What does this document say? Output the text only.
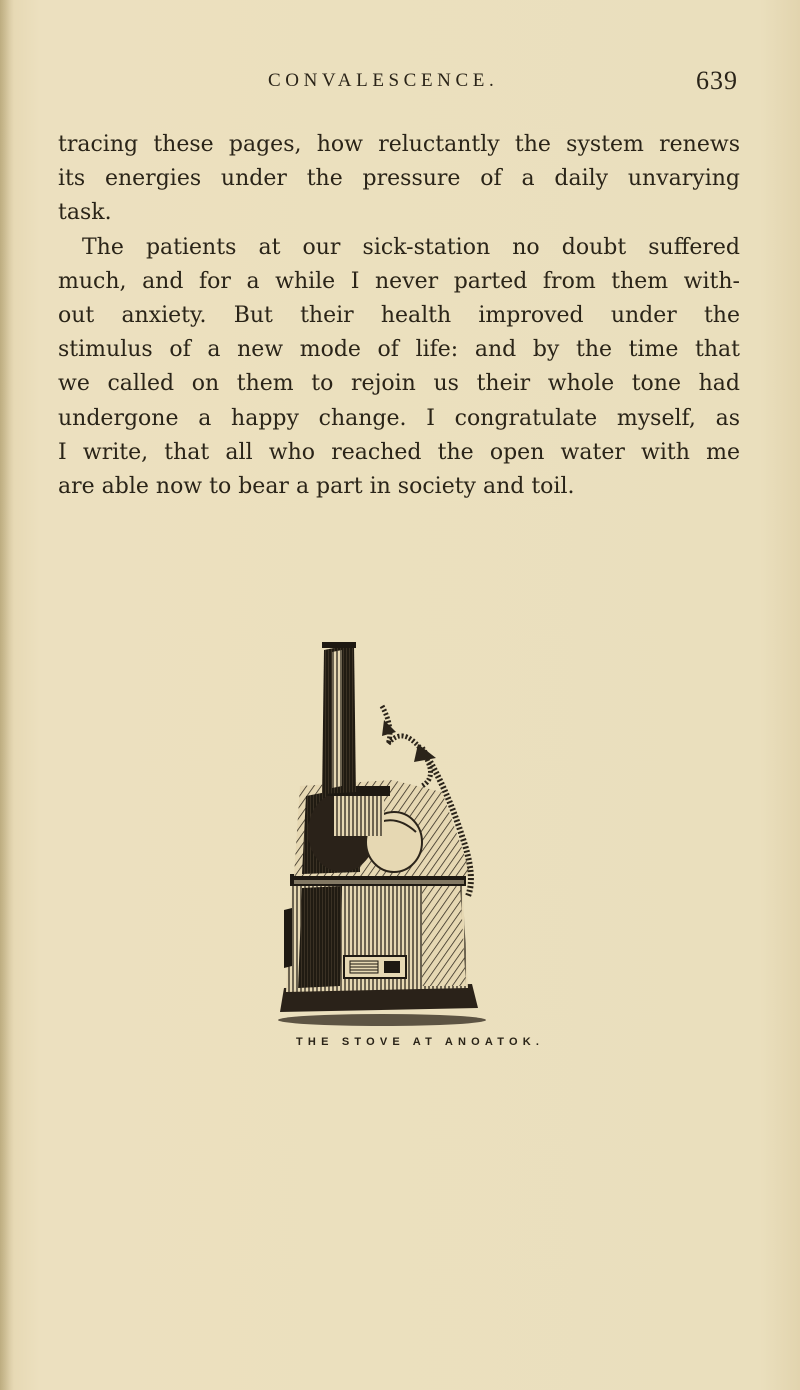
CONVALESCENCE.	639

tracing these pages, how reluctantly the system renews
its energies under the pressure of a daily unvarying
task.

The patients at our sick-station no doubt suffered
much, and for a while I never parted from them with-
out anxiety. But their health improved under the
stimulus of a new mode of life: and by the time that
we called on them to rejoin us their whole tone had
undergone a happy change. I congratulate myself, as
I write, that all who reached the open water with me
are able now to bear a part in society and toil.

THE STOVE AT ANOATOK.
